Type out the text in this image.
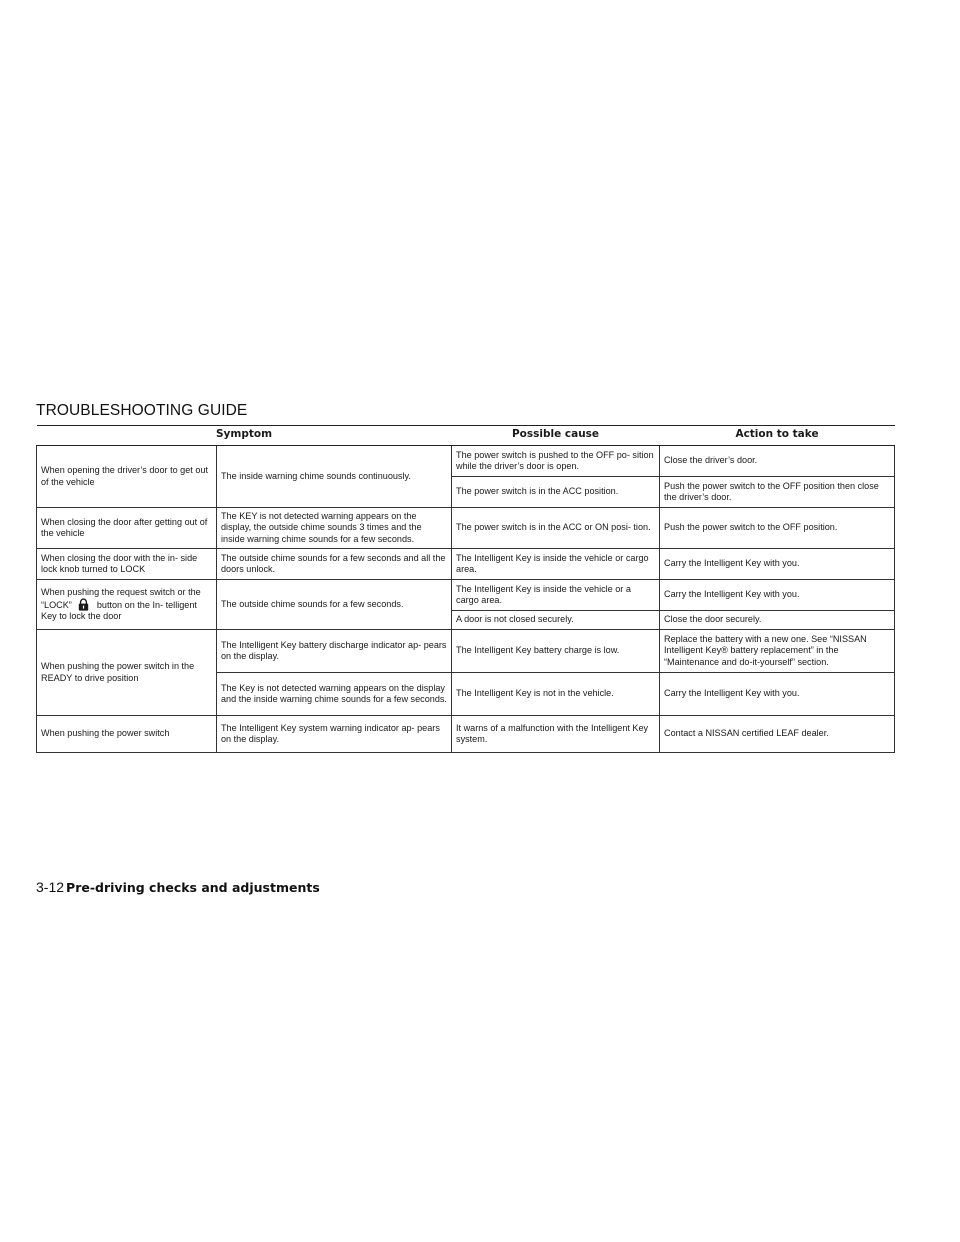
TROUBLESHOOTING GUIDE
Symptom		Possible cause	Action to take
When opening the driver’s door to get out of the vehicle	The inside warning chime sounds continuously.	The power switch is pushed to the OFF po- sition while the driver’s door is open.	Close the driver’s door.
		The power switch is in the ACC position.	Push the power switch to the OFF position then close the driver’s door.
When closing the door after getting out of the vehicle	The KEY is not detected warning appears on the display, the outside chime sounds 3 times and the inside warning chime sounds for a few seconds.	The power switch is in the ACC or ON posi- tion.	Push the power switch to the OFF position.
When closing the door with the in- side lock knob turned to LOCK	The outside chime sounds for a few seconds and all the doors unlock.	The Intelligent Key is inside the vehicle or cargo area.	Carry the Intelligent Key with you.
When pushing the request switch or the “LOCK” button on the In- telligent Key to lock the door	The outside chime sounds for a few seconds.	The Intelligent Key is inside the vehicle or a cargo area.	Carry the Intelligent Key with you.
		A door is not closed securely.	Close the door securely.
When pushing the power switch in the READY to drive position	The Intelligent Key battery discharge indicator ap- pears on the display.	The Intelligent Key battery charge is low.	Replace the battery with a new one. See “NISSAN Intelligent Key® battery replacement” in the “Maintenance and do-it-yourself” section.
	The Key is not detected warning appears on the display and the inside warning chime sounds for a few seconds.	The Intelligent Key is not in the vehicle.	Carry the Intelligent Key with you.
When pushing the power switch	The Intelligent Key system warning indicator ap- pears on the display.	It warns of a malfunction with the Intelligent Key system.	Contact a NISSAN certified LEAF dealer.
3-12 Pre-driving checks and adjustments
